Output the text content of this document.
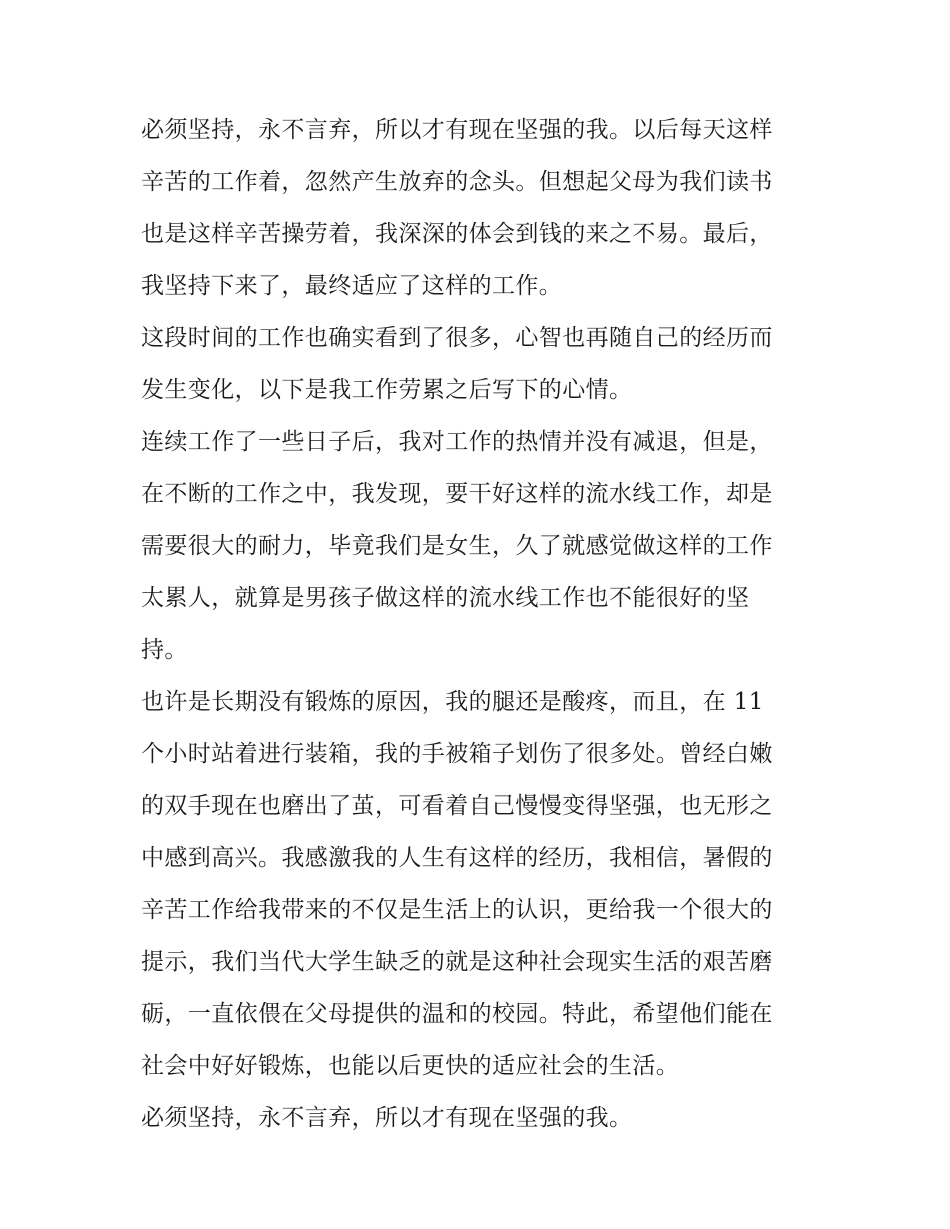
必须坚持，永不言弃，所以才有现在坚强的我。以后每天这样
辛苦的工作着，忽然产生放弃的念头。但想起父母为我们读书
也是这样辛苦操劳着，我深深的体会到钱的来之不易。最后，
我坚持下来了，最终适应了这样的工作。

这段时间的工作也确实看到了很多，心智也再随自己的经历而
发生变化，以下是我工作劳累之后写下的心情。

连续工作了一些日子后，我对工作的热情并没有减退，但是，
在不断的工作之中，我发现，要干好这样的流水线工作，却是
需要很大的耐力，毕竟我们是女生，久了就感觉做这样的工作
太累人，就算是男孩子做这样的流水线工作也不能很好的坚
持。

也许是长期没有锻炼的原因，我的腿还是酸疼，而且，在 11
个小时站着进行装箱，我的手被箱子划伤了很多处。曾经白嫩
的双手现在也磨出了茧，可看着自己慢慢变得坚强，也无形之
中感到高兴。我感激我的人生有这样的经历，我相信，暑假的
辛苦工作给我带来的不仅是生活上的认识，更给我一个很大的
提示，我们当代大学生缺乏的就是这种社会现实生活的艰苦磨
砺，一直依偎在父母提供的温和的校园。特此，希望他们能在
社会中好好锻炼，也能以后更快的适应社会的生活。

必须坚持，永不言弃，所以才有现在坚强的我。
